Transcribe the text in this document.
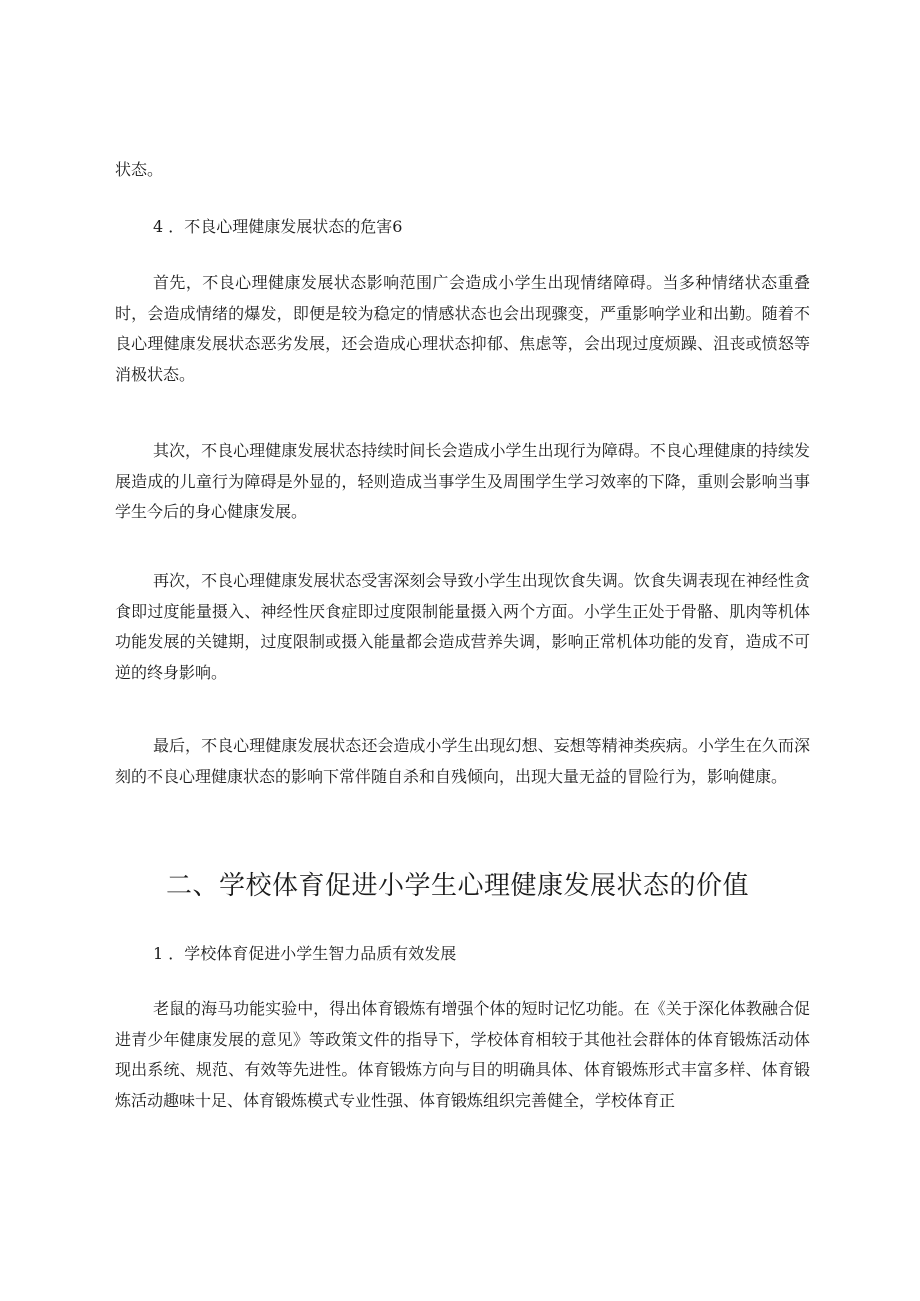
状态。

4 ．不良心理健康发展状态的危害6

首先，不良心理健康发展状态影响范围广会造成小学生出现情绪障碍。当多种情绪状态重叠时，会造成情绪的爆发，即便是较为稳定的情感状态也会出现骤变，严重影响学业和出勤。随着不良心理健康发展状态恶劣发展，还会造成心理状态抑郁、焦虑等，会出现过度烦躁、沮丧或愤怒等消极状态。

其次，不良心理健康发展状态持续时间长会造成小学生出现行为障碍。不良心理健康的持续发展造成的儿童行为障碍是外显的，轻则造成当事学生及周围学生学习效率的下降，重则会影响当事学生今后的身心健康发展。

再次，不良心理健康发展状态受害深刻会导致小学生出现饮食失调。饮食失调表现在神经性贪食即过度能量摄入、神经性厌食症即过度限制能量摄入两个方面。小学生正处于骨骼、肌肉等机体功能发展的关键期，过度限制或摄入能量都会造成营养失调，影响正常机体功能的发育，造成不可逆的终身影响。

最后，不良心理健康发展状态还会造成小学生出现幻想、妄想等精神类疾病。小学生在久而深刻的不良心理健康状态的影响下常伴随自杀和自残倾向，出现大量无益的冒险行为，影响健康。

二、学校体育促进小学生心理健康发展状态的价值

1 ．学校体育促进小学生智力品质有效发展

老鼠的海马功能实验中，得出体育锻炼有增强个体的短时记忆功能。在《关于深化体教融合促进青少年健康发展的意见》等政策文件的指导下，学校体育相较于其他社会群体的体育锻炼活动体现出系统、规范、有效等先进性。体育锻炼方向与目的明确具体、体育锻炼形式丰富多样、体育锻炼活动趣味十足、体育锻炼模式专业性强、体育锻炼组织完善健全，学校体育正
